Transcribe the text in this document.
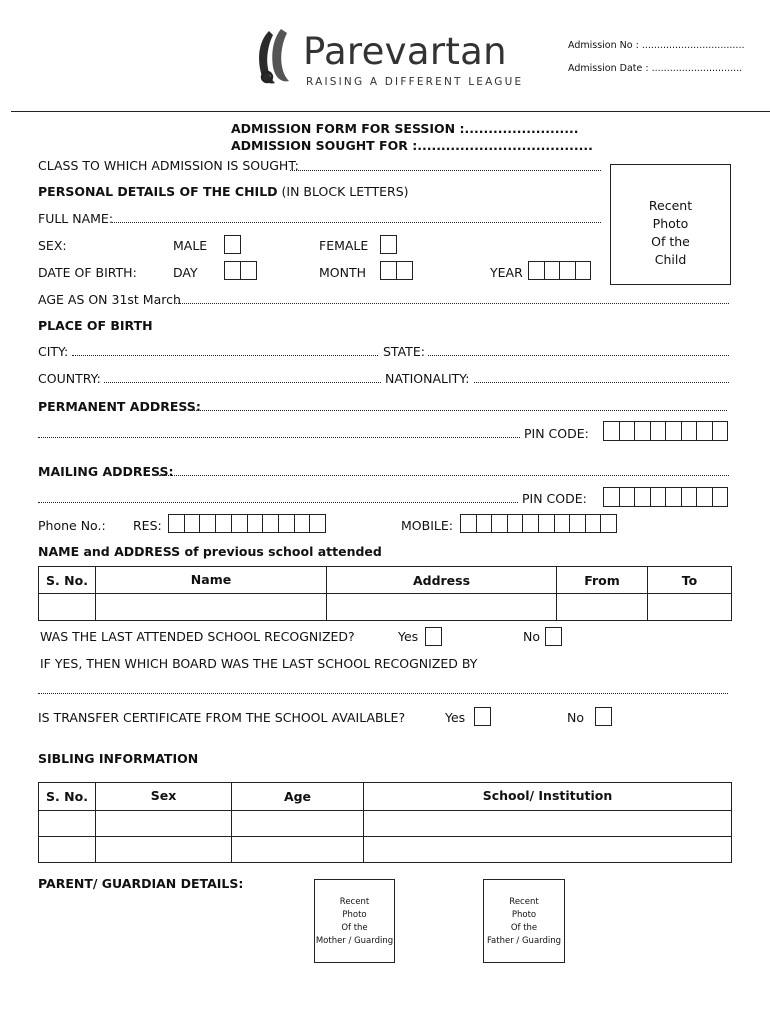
Parevartan
RAISING A DIFFERENT LEAGUE
Admission No : ..................................
Admission Date : ..............................
ADMISSION FORM FOR SESSION :........................
ADMISSION SOUGHT FOR :.....................................
CLASS TO WHICH ADMISSION IS SOUGHT:
PERSONAL DETAILS OF THE CHILD (IN BLOCK LETTERS)
Recent
Photo
Of the
Child
FULL NAME:
SEX:	MALE	FEMALE
DATE OF BIRTH:	DAY	MONTH	YEAR
AGE AS ON 31st March
PLACE OF BIRTH
CITY:	STATE:
COUNTRY:	NATIONALITY:
PERMANENT ADDRESS:
PIN CODE:
MAILING ADDRESS:
PIN CODE:
Phone No.: RES:	MOBILE:
NAME and ADDRESS of previous school attended
S. No.	Name	Address	From	To

WAS THE LAST ATTENDED SCHOOL RECOGNIZED?	Yes	No
IF YES, THEN WHICH BOARD WAS THE LAST SCHOOL RECOGNIZED BY
IS TRANSFER CERTIFICATE FROM THE SCHOOL AVAILABLE?	Yes	No
SIBLING INFORMATION
S. No.	Sex	Age	School/ Institution

PARENT/ GUARDIAN DETAILS:
Recent
Photo
Of the
Mother / Guarding
Recent
Photo
Of the
Father / Guarding
